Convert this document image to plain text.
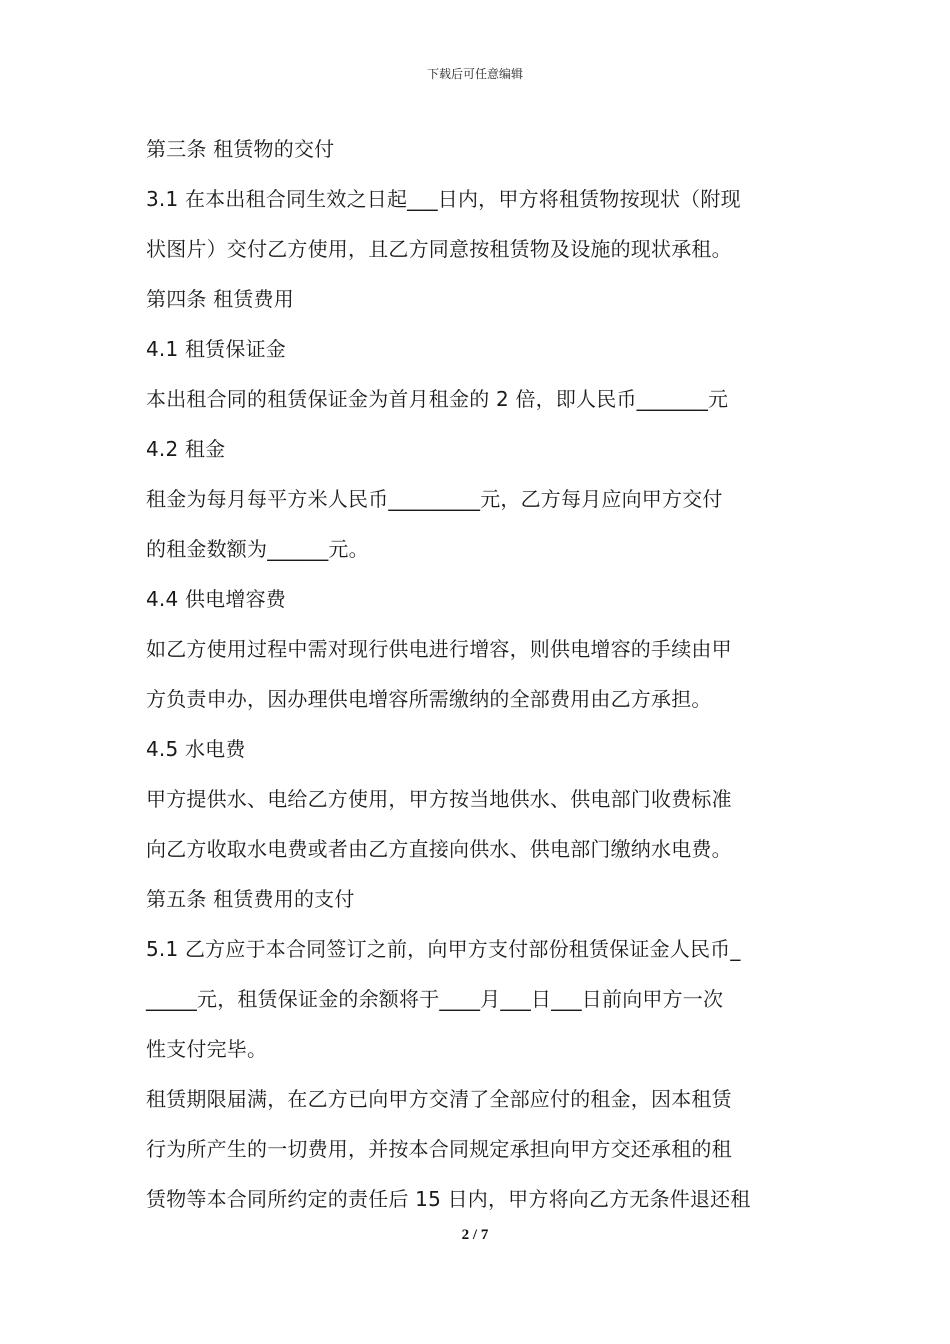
下载后可任意编辑
第三条 租赁物的交付
3.1 在本出租合同生效之日起___日内，甲方将租赁物按现状（附现
状图片）交付乙方使用，且乙方同意按租赁物及设施的现状承租。
第四条 租赁费用
4.1 租赁保证金
本出租合同的租赁保证金为首月租金的 2 倍，即人民币_______元
4.2 租金
租金为每月每平方米人民币_________元，乙方每月应向甲方交付
的租金数额为______元。
4.4 供电增容费
如乙方使用过程中需对现行供电进行增容，则供电增容的手续由甲
方负责申办，因办理供电增容所需缴纳的全部费用由乙方承担。
4.5 水电费
甲方提供水、电给乙方使用，甲方按当地供水、供电部门收费标准
向乙方收取水电费或者由乙方直接向供水、供电部门缴纳水电费。
第五条 租赁费用的支付
5.1 乙方应于本合同签订之前，向甲方支付部份租赁保证金人民币_
_____元，租赁保证金的余额将于____月___日___日前向甲方一次
性支付完毕。
租赁期限届满，在乙方已向甲方交清了全部应付的租金，因本租赁
行为所产生的一切费用，并按本合同规定承担向甲方交还承租的租
赁物等本合同所约定的责任后 15 日内，甲方将向乙方无条件退还租
2 / 7
